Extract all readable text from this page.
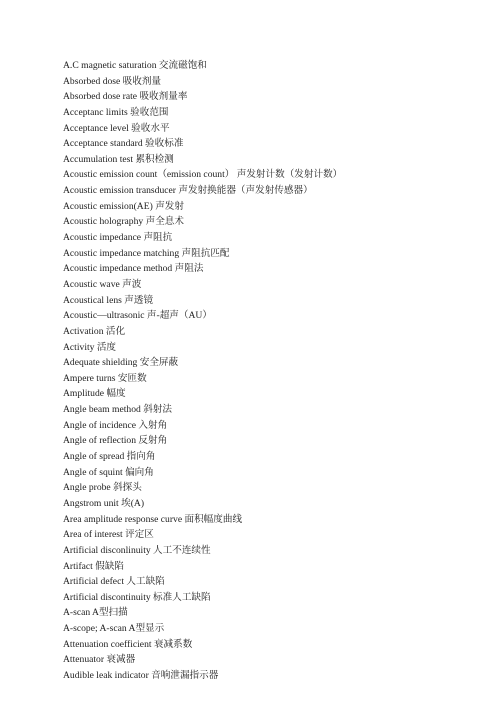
A.C magnetic saturation 交流磁饱和
Absorbed dose 吸收剂量
Absorbed dose rate 吸收剂量率
Acceptanc limits 验收范围
Acceptance level 验收水平
Acceptance standard 验收标准
Accumulation test 累积检测
Acoustic emission count（emission count） 声发射计数（发射计数）
Acoustic emission transducer 声发射换能器（声发射传感器）
Acoustic emission(AE) 声发射
Acoustic holography 声全息术
Acoustic impedance 声阻抗
Acoustic impedance matching 声阻抗匹配
Acoustic impedance method 声阻法
Acoustic wave 声波
Acoustical lens 声透镜
Acoustic—ultrasonic 声-超声（AU）
Activation 活化
Activity 活度
Adequate shielding 安全屏蔽
Ampere turns 安匝数
Amplitude 幅度
Angle beam method 斜射法
Angle of incidence 入射角
Angle of reflection 反射角
Angle of spread 指向角
Angle of squint 偏向角
Angle probe 斜探头
Angstrom unit 埃(A)
Area amplitude response curve 面积幅度曲线
Area of interest 评定区
Artificial disconlinuity 人工不连续性
Artifact 假缺陷
Artificial defect 人工缺陷
Artificial discontinuity 标准人工缺陷
A-scan A型扫描
A-scope; A-scan A型显示
Attenuation coefficient 衰减系数
Attenuator 衰减器
Audible leak indicator 音响泄漏指示器
